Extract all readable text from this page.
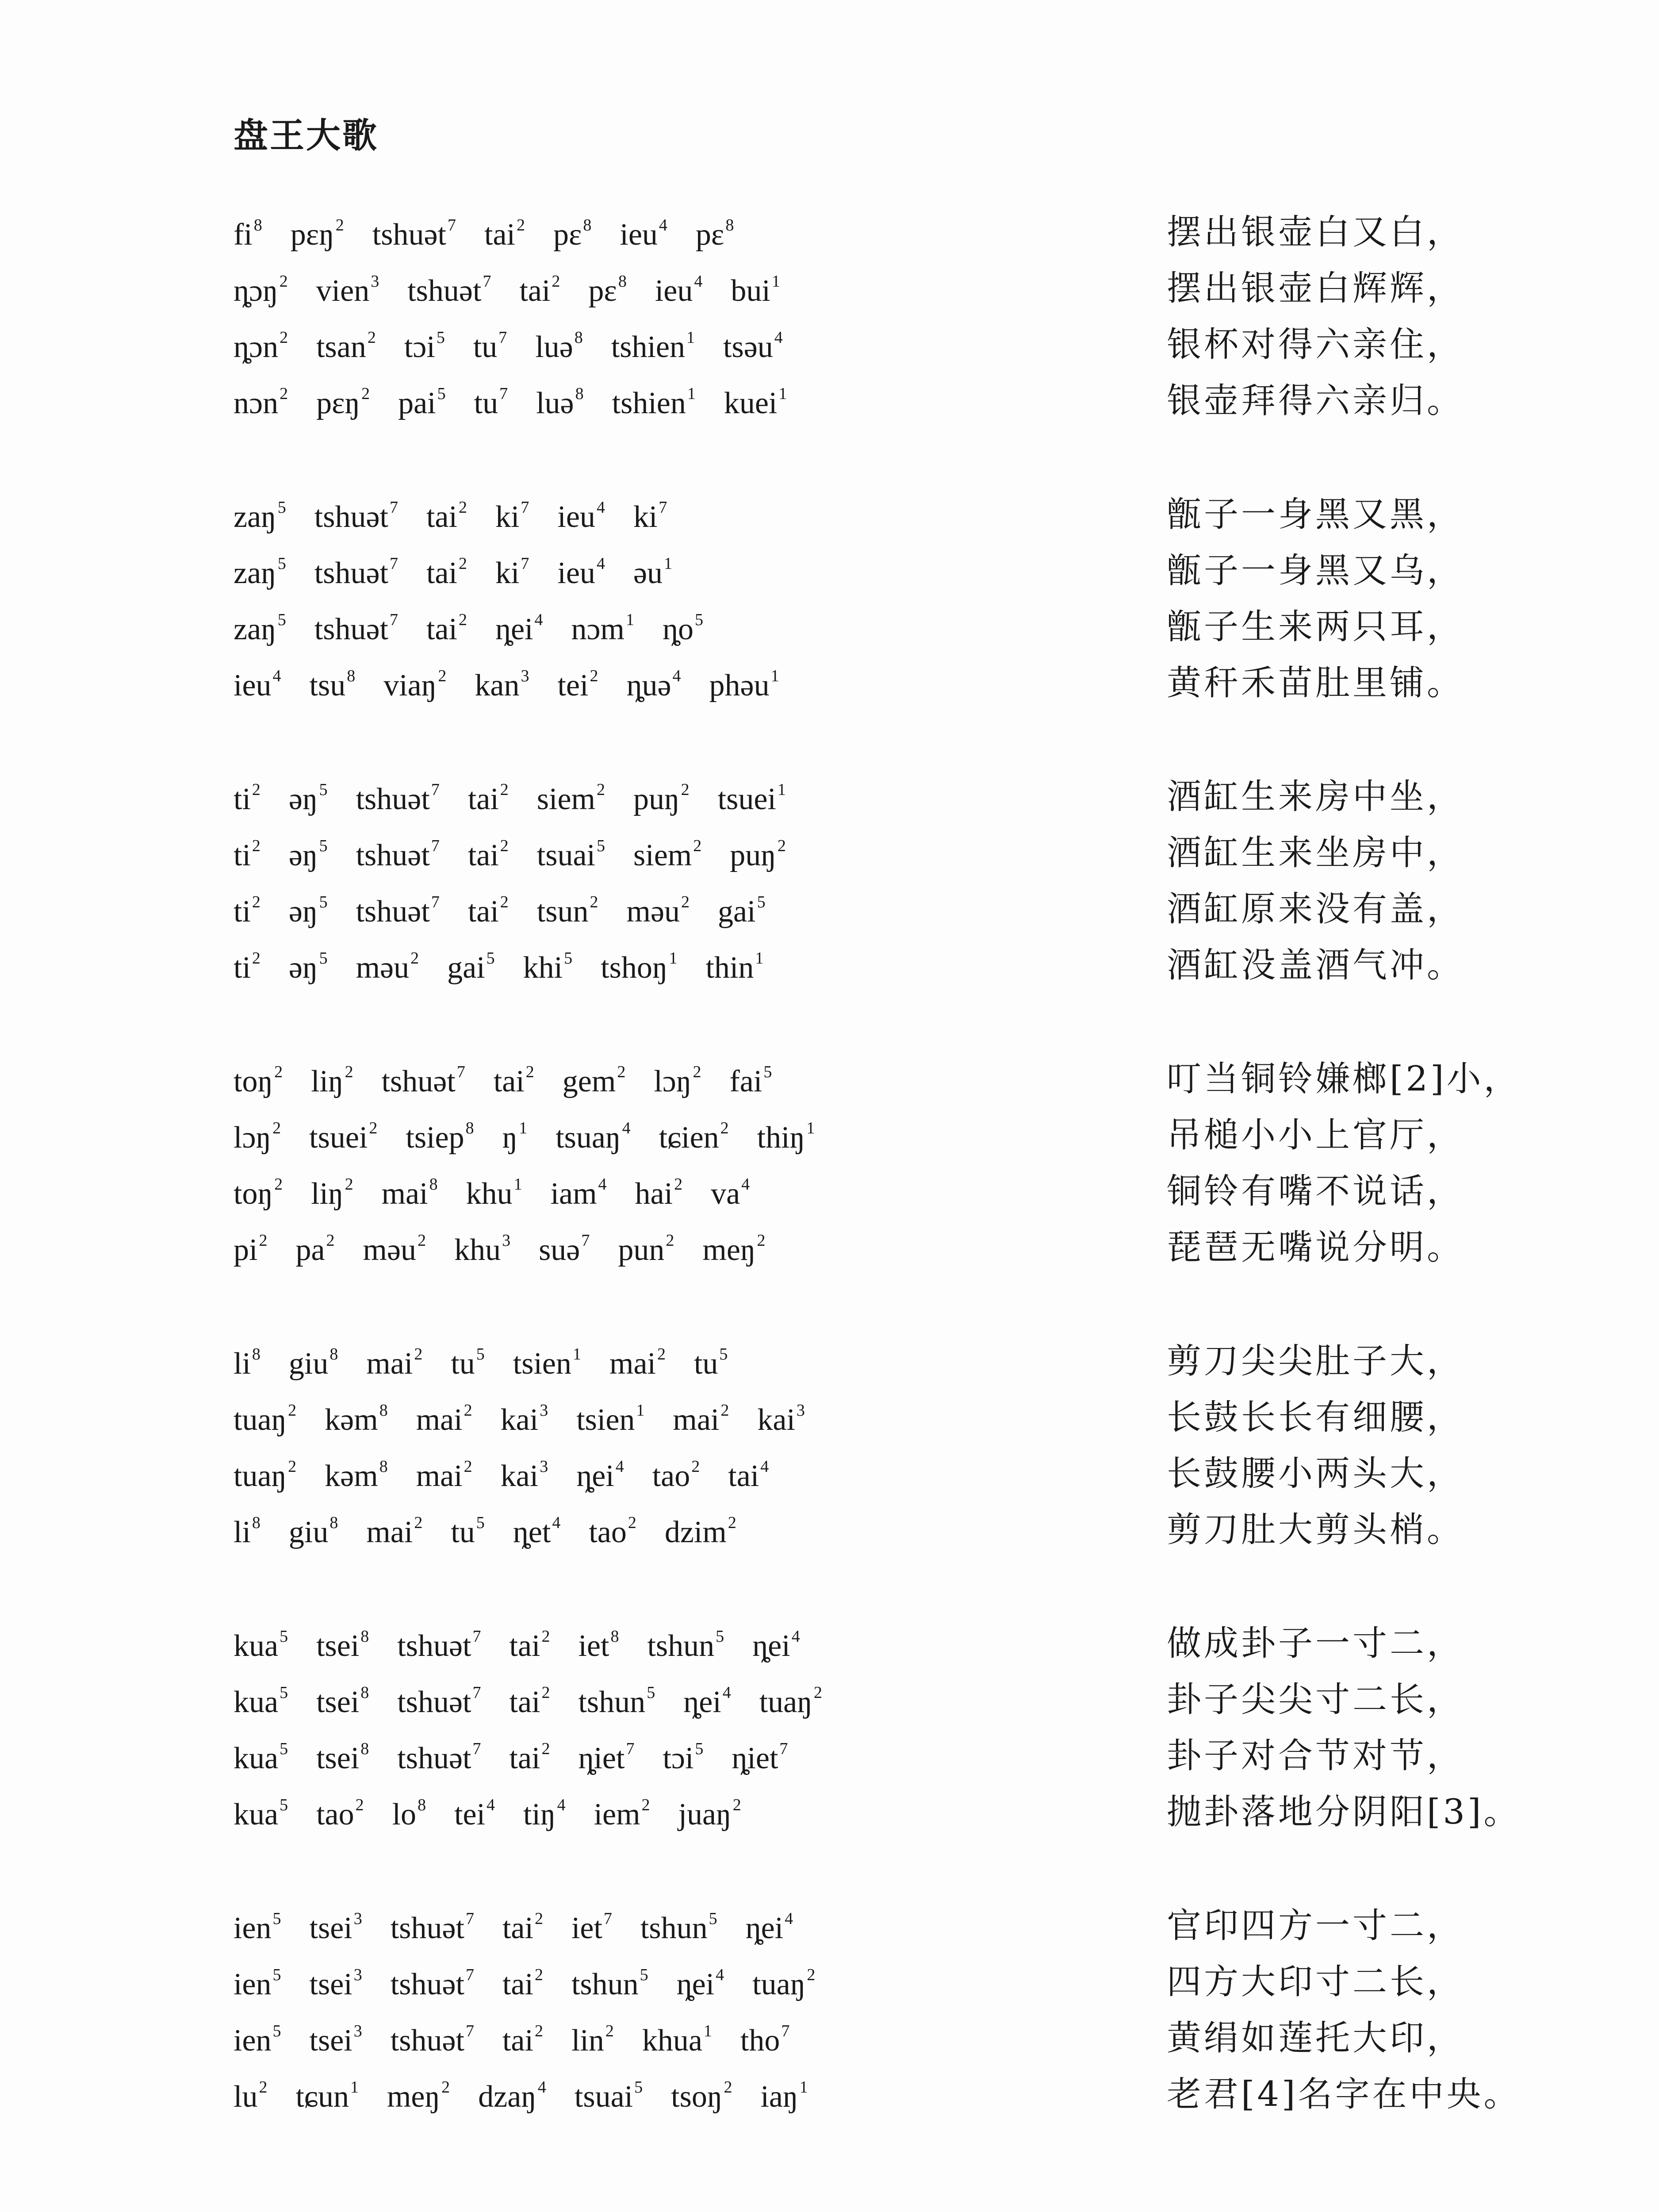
盘王大歌
$fi^8$ pɛŋ$^2$ tshuət$^7$ tai$^2$ pɛ$^8$ ieu$^4$ pɛ$^8$	摆出银壶白又白，
ȵɔŋ$^2$ vien$^3$ tshuət$^7$ tai$^2$ pɛ$^8$ ieu$^4$ bui$^1$	摆出银壶白辉辉，
ȵɔn$^2$ tsan$^2$ tɔi$^5$ $tu^7$ luə$^8$ tshien$^1$ tsəu$^4$	银杯对得六亲住，
nɔn$^2$ pɛŋ$^2$ pai$^5$ $tu^7$ luə$^8$ tshien$^1$ kuei$^1$	银壶拜得六亲归。
zaŋ$^5$ tshuət$^7$ tai$^2$ $ki^7$ ieu$^4$ $ki^7$	甑子一身黑又黑，
zaŋ$^5$ tshuət$^7$ tai$^2$ $ki^7$ ieu$^4$ əu$^1$	甑子一身黑又乌，
zaŋ$^5$ tshuət$^7$ tai$^2$ ȵei$^4$ nɔm$^1$ $ȵo^5$	甑子生来两只耳，
ieu$^4$ tsu$^8$ viaŋ$^2$ kan$^3$ tei$^2$ ȵuə$^4$ phəu$^1$	黄秆禾苗肚里铺。
$ti^2$ əŋ$^5$ tshuət$^7$ tai$^2$ siem$^2$ puŋ$^2$ tsuei$^1$	酒缸生来房中坐，
$ti^2$ əŋ$^5$ tshuət$^7$ tai$^2$ tsuai$^5$ siem$^2$ puŋ$^2$	酒缸生来坐房中，
$ti^2$ əŋ$^5$ tshuət$^7$ tai$^2$ tsun$^2$ məu$^2$ gai$^5$	酒缸原来没有盖，
$ti^2$ əŋ$^5$ məu$^2$ gai$^5$ khi$^5$ tshoŋ$^1$ thin$^1$	酒缸没盖酒气冲。
toŋ$^2$ liŋ$^2$ tshuət$^7$ tai$^2$ gem$^2$ lɔŋ$^2$ fai$^5$	叮当铜铃嫌榔[2]小，
lɔŋ$^2$ tsuei$^2$ tsiep$^8$ $ŋ^1$ tsuaŋ$^4$ tɕien$^2$ thiŋ$^1$	吊槌小小上官厅，
toŋ$^2$ liŋ$^2$ mai$^8$ khu$^1$ iam$^4$ hai$^2$ $va^4$	铜铃有嘴不说话，
$pi^2$ $pa^2$ məu$^2$ khu$^3$ suə$^7$ pun$^2$ meŋ$^2$	琵琶无嘴说分明。
$li^8$ giu$^8$ mai$^2$ $tu^5$ tsien$^1$ mai$^2$ $tu^5$	剪刀尖尖肚子大，
tuaŋ$^2$ kəm$^8$ mai$^2$ kai$^3$ tsien$^1$ mai$^2$ kai$^3$	长鼓长长有细腰，
tuaŋ$^2$ kəm$^8$ mai$^2$ kai$^3$ ȵei$^4$ tao$^2$ tai$^4$	长鼓腰小两头大，
$li^8$ giu$^8$ mai$^2$ $tu^5$ ȵet$^4$ tao$^2$ dzim$^2$	剪刀肚大剪头梢。
kua$^5$ tsei$^8$ tshuət$^7$ tai$^2$ iet$^8$ tshun$^5$ ȵei$^4$	做成卦子一寸二，
kua$^5$ tsei$^8$ tshuət$^7$ tai$^2$ tshun$^5$ ȵei$^4$ tuaŋ$^2$	卦子尖尖寸二长，
kua$^5$ tsei$^8$ tshuət$^7$ tai$^2$ ȵiet$^7$ tɔi$^5$ ȵiet$^7$	卦子对合节对节，
kua$^5$ tao$^2$ $lo^8$ tei$^4$ tiŋ$^4$ iem$^2$ juaŋ$^2$	抛卦落地分阴阳[3]。
ien$^5$ tsei$^3$ tshuət$^7$ tai$^2$ iet$^7$ tshun$^5$ ȵei$^4$	官印四方一寸二，
ien$^5$ tsei$^3$ tshuət$^7$ tai$^2$ tshun$^5$ ȵei$^4$ tuaŋ$^2$	四方大印寸二长，
ien$^5$ tsei$^3$ tshuət$^7$ tai$^2$ lin$^2$ khua$^1$ tho$^7$	黄绢如莲托大印，
$lu^2$ tɕun$^1$ meŋ$^2$ dzaŋ$^4$ tsuai$^5$ tsoŋ$^2$ iaŋ$^1$	老君[4]名字在中央。
